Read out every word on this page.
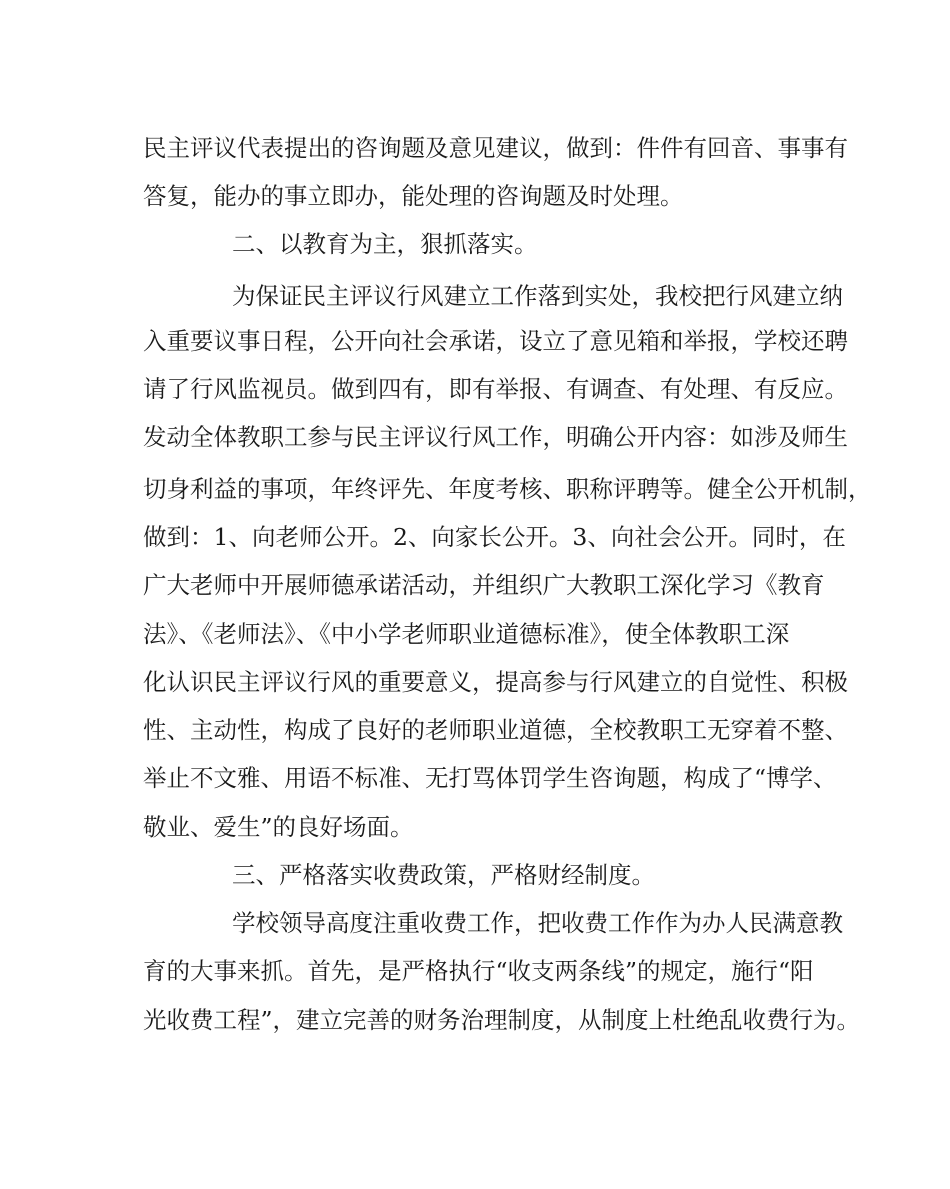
民主评议代表提出的咨询题及意见建议，做到：件件有回音、事事有
答复，能办的事立即办，能处理的咨询题及时处理。
二、以教育为主，狠抓落实。
为保证民主评议行风建立工作落到实处，我校把行风建立纳
入重要议事日程，公开向社会承诺，设立了意见箱和举报，学校还聘
请了行风监视员。做到四有，即有举报、有调查、有处理、有反应。
发动全体教职工参与民主评议行风工作，明确公开内容：如涉及师生
切身利益的事项，年终评先、年度考核、职称评聘等。健全公开机制，
做到：1、向老师公开。2、向家长公开。3、向社会公开。同时，在
广大老师中开展师德承诺活动，并组织广大教职工深化学习《教育
法》、《老师法》、《中小学老师职业道德标准》，使全体教职工深
化认识民主评议行风的重要意义，提高参与行风建立的自觉性、积极
性、主动性，构成了良好的老师职业道德，全校教职工无穿着不整、
举止不文雅、用语不标准、无打骂体罚学生咨询题，构成了“博学、
敬业、爱生”的良好场面。
三、严格落实收费政策，严格财经制度。
学校领导高度注重收费工作，把收费工作作为办人民满意教
育的大事来抓。首先，是严格执行“收支两条线”的规定，施行“阳
光收费工程”，建立完善的财务治理制度，从制度上杜绝乱收费行为。
